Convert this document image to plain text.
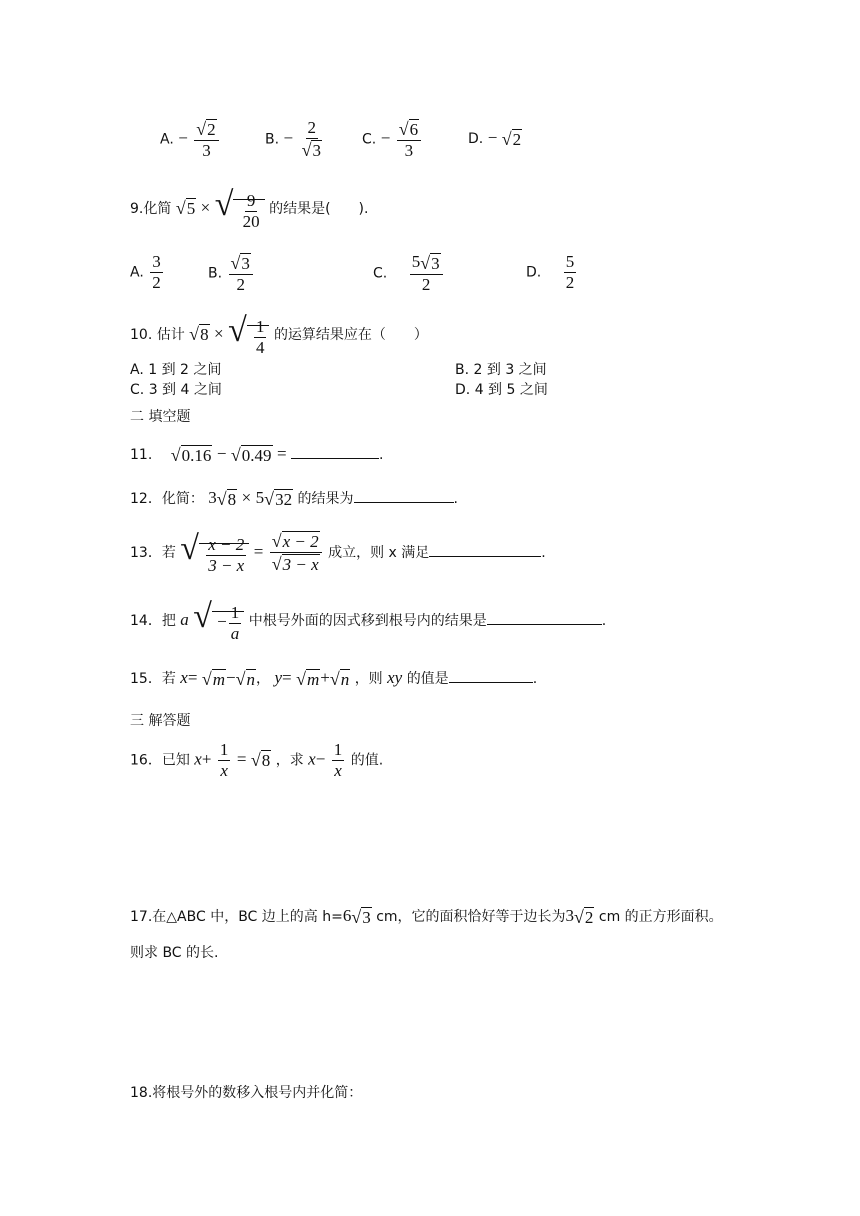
A. − $\frac{√2}{3}$	B. − $\frac{2}{√3}$	C. − $\frac{√6}{3}$	D. − √2
9.化简 √5 × √ $\frac{9}{20}$ 的结果是(　　).
A. $\frac{3}{2}$	B. $\frac{√3}{2}$	C. $\frac{5√3}{2}$	D. $\frac{5}{2}$
10. 估计 √8 × √ $\frac{1}{4}$ 的运算结果应在（　　）
A. 1 到 2 之间	B. 2 到 3 之间
C. 3 到 4 之间	D. 4 到 5 之间
二 填空题
11. √0.16 − √0.49 =	.
12．化简： 3√8 × 5√32 的结果为	.
13．若 √ $\frac{x - 2}{3 - x} = \frac{√x - 2}{√3 - x}$ 成立，则 x 满足	.
14．把 a √ − $\frac{1}{a}$ 中根号外面的因式移到根号内的结果是	.
15．若 x= √m−√n， y= √m+√n ，则 xy 的值是	.
三 解答题
16．已知 $x+ \frac{1}{x} = √8$ ，求 $x- \frac{1}{x}$ 的值.
17.在△ABC 中，BC 边上的高 h=6√3 cm，它的面积恰好等于边长为3√2 cm 的正方形面积。
则求 BC 的长.
18.将根号外的数移入根号内并化简：
